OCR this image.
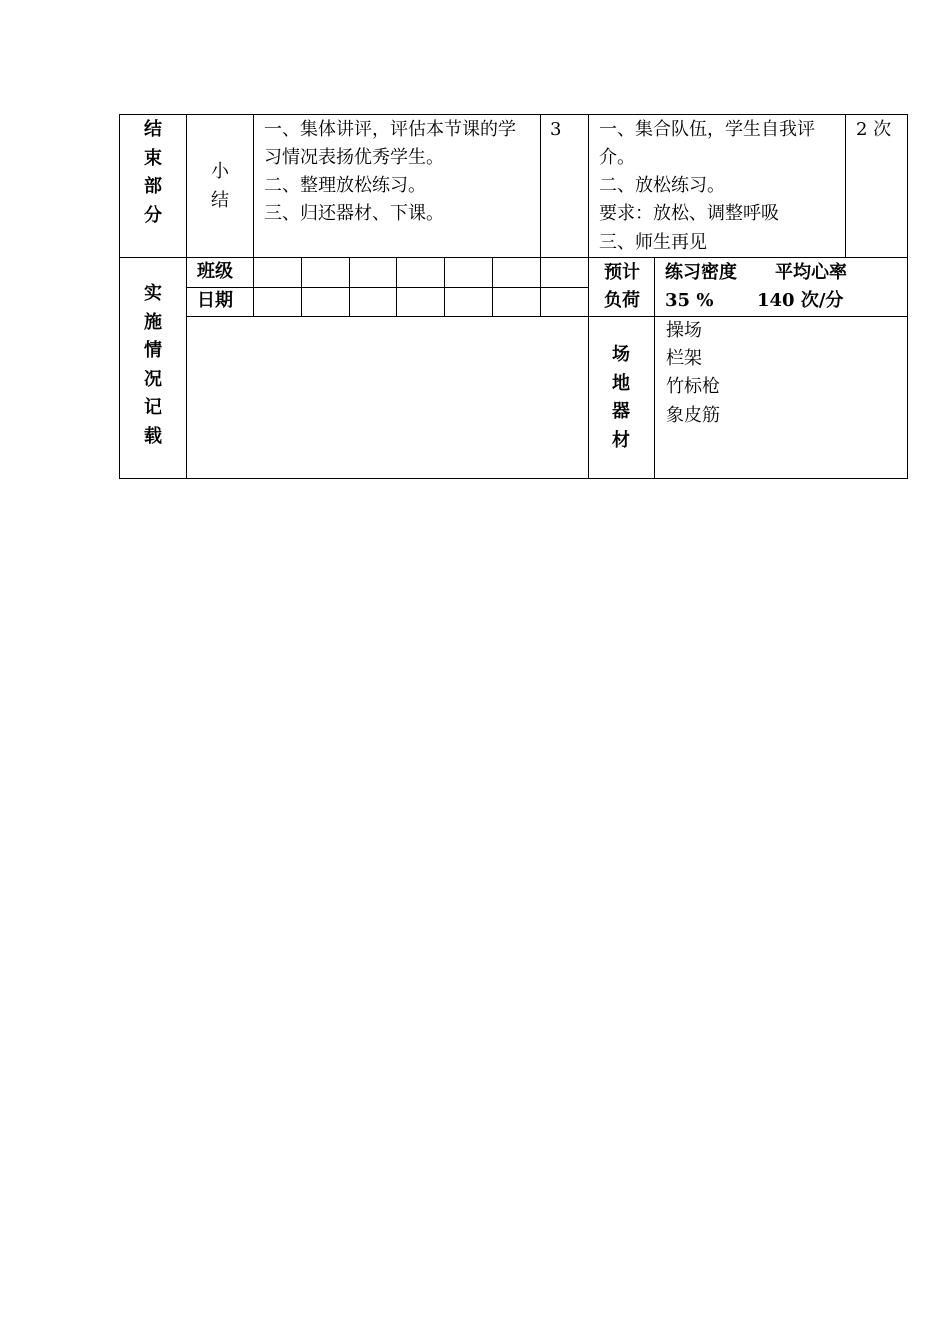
结
束
部
分
小
结
一、集体讲评，评估本节课的学
习情况表扬优秀学生。
二、整理放松练习。
三、归还器材、下课。
3 一、集合队伍，学生自我评
介。
二、放松练习。
要求：放松、调整呼吸
三、师生再见
2 次
实
施
情
况
记
载
班级
日期
预计
负荷
练习密度 平均心率
35 % 140 次/分
场
地
器
材
操场
栏架
竹标枪
象皮筋
